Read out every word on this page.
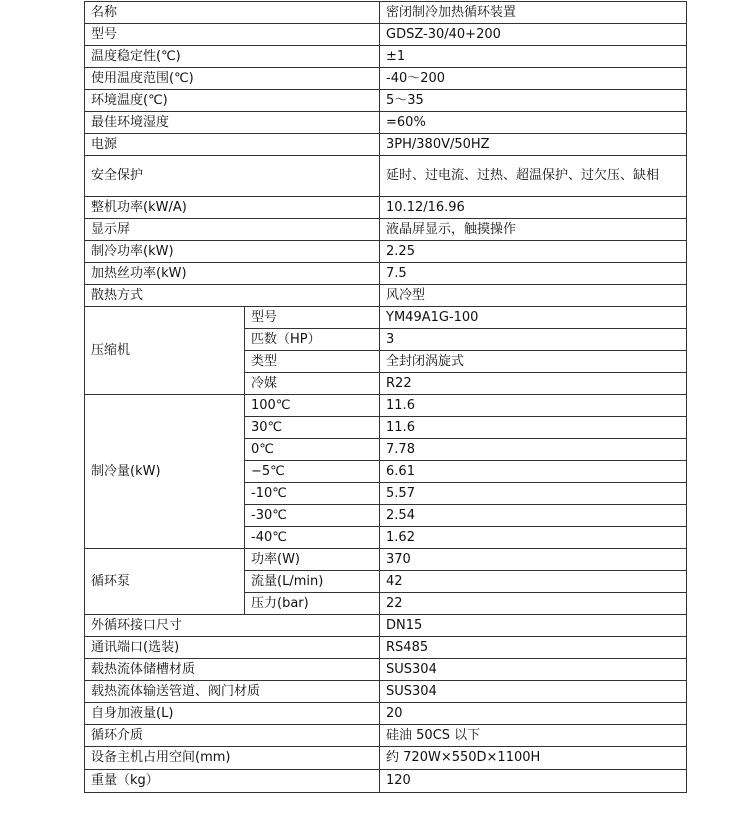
名称		密闭制冷加热循环装置
型号		GDSZ-30/40+200
温度稳定性(℃)		±1
使用温度范围(℃)		-40～200
环境温度(℃)		5～35
最佳环境湿度		=60%
电源		3PH/380V/50HZ
安全保护		延时、过电流、过热、超温保护、过欠压、缺相
整机功率(kW/A)		10.12/16.96
显示屏		液晶屏显示，触摸操作
制冷功率(kW)		2.25
加热丝功率(kW)		7.5
散热方式		风冷型
压缩机	型号	YM49A1G-100
	匹数（HP）	3
	类型	全封闭涡旋式
	冷媒	R22
制冷量(kW)	100℃	11.6
	30℃	11.6
	0℃	7.78
	−5℃	6.61
	-10℃	5.57
	-30℃	2.54
	-40℃	1.62
循环泵	功率(W)	370
	流量(L/min)	42
	压力(bar)	22
外循环接口尺寸		DN15
通讯端口(选装)		RS485
载热流体储槽材质		SUS304
载热流体输送管道、阀门材质		SUS304
自身加液量(L)		20
循环介质		硅油 50CS 以下
设备主机占用空间(mm)		约 720W×550D×1100H
重量（kg）		120
